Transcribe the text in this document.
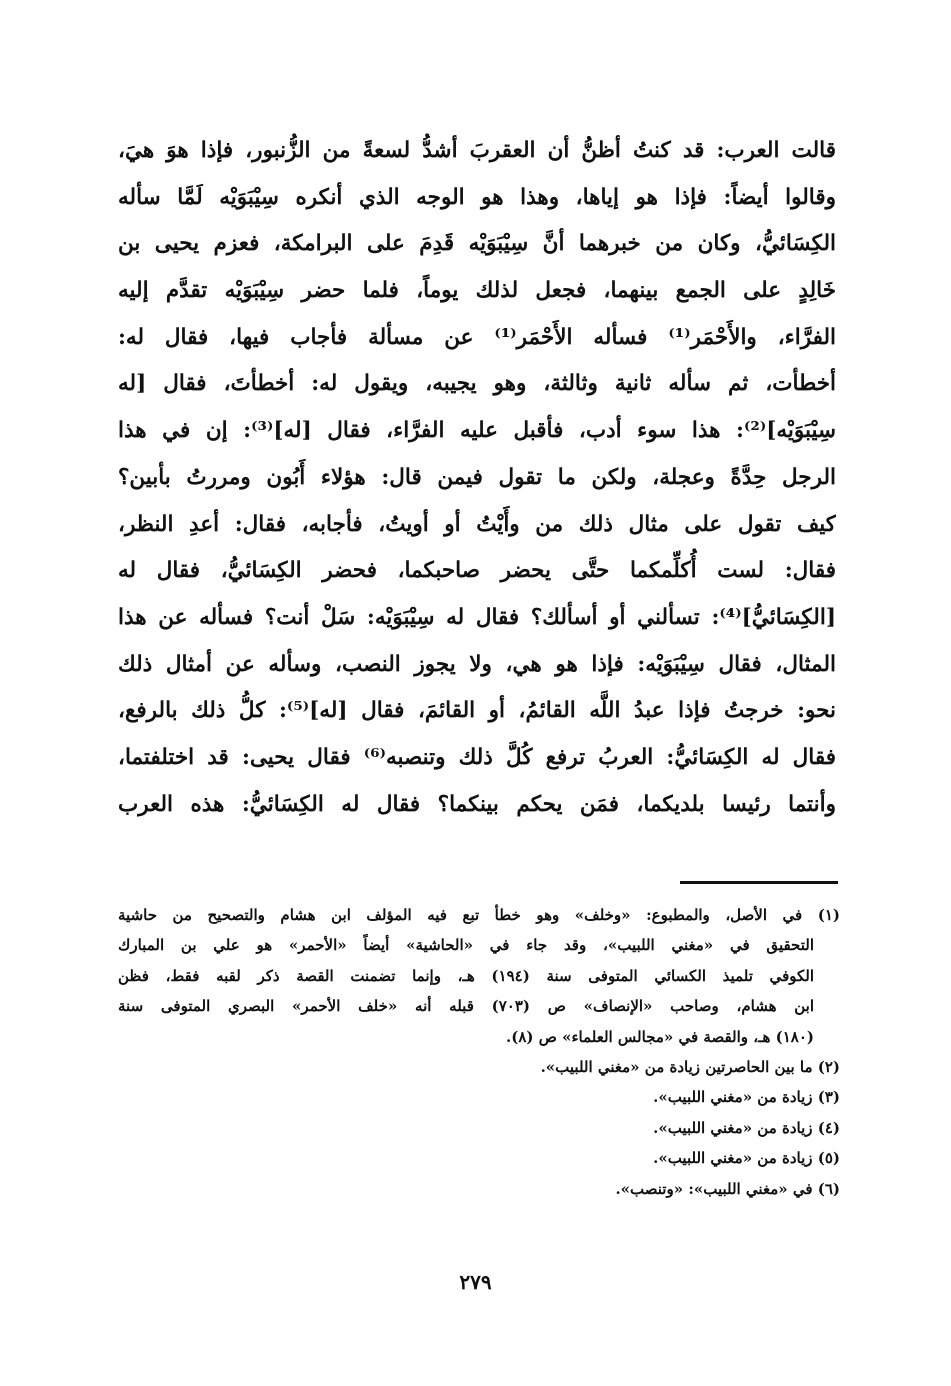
قالت العرب: قد كنتُ أظنُّ أن العقربَ أشدُّ لسعةً من الزُّنبور، فإذا هوَ هيَ،
وقالوا أيضاً: فإذا هو إياها، وهذا هو الوجه الذي أنكره سِيْبَوَيْه لَمَّا سأله
الكِسَائيُّ، وكان من خبرهما أنَّ سِيْبَوَيْه قَدِمَ على البرامكة، فعزم يحيى بن
خَالِدٍ على الجمع بينهما، فجعل لذلك يوماً، فلما حضر سِيْبَوَيْه تقدَّم إليه
الفرَّاء، والأَحْمَر⁽¹⁾ فسأله الأَحْمَر⁽¹⁾ عن مسألة فأجاب فيها، فقال له:
أخطأت، ثم سأله ثانية وثالثة، وهو يجيبه، ويقول له: أخطأتَ، فقال [له
سِيْبَوَيْه]⁽²⁾: هذا سوء أدب، فأقبل عليه الفرَّاء، فقال [له]⁽³⁾: إن في هذا
الرجل حِدَّةً وعجلة، ولكن ما تقول فيمن قال: هؤلاء أَبُون ومررتُ بأبين؟
كيف تقول على مثال ذلك من وأَيْتُ أو أويتُ، فأجابه، فقال: أعدِ النظر،
فقال: لست أُكلِّمكما حتَّى يحضر صاحبكما، فحضر الكِسَائيُّ، فقال له
[الكِسَائيُّ]⁽⁴⁾: تسألني أو أسألك؟ فقال له سِيْبَوَيْه: سَلْ أنت؟ فسأله عن هذا
المثال، فقال سِيْبَوَيْه: فإذا هو هي، ولا يجوز النصب، وسأله عن أمثال ذلك
نحو: خرجتُ فإذا عبدُ اللَّه القائمُ، أو القائمَ، فقال [له]⁽⁵⁾: كلُّ ذلك بالرفع،
فقال له الكِسَائيُّ: العربُ ترفع كُلَّ ذلك وتنصبه⁽⁶⁾ فقال يحيى: قد اختلفتما،
وأنتما رئيسا بلديكما، فمَن يحكم بينكما؟ فقال له الكِسَائيُّ: هذه العرب
(١) في الأصل، والمطبوع: «وخلف» وهو خطأ تبع فيه المؤلف ابن هشام والتصحيح من حاشية
التحقيق في «مغني اللبيب»، وقد جاء في «الحاشية» أيضاً «الأحمر» هو علي بن المبارك
الكوفي تلميذ الكسائي المتوفى سنة (١٩٤) هـ، وإنما تضمنت القصة ذكر لقبه فقط، فظن
ابن هشام، وصاحب «الإنصاف» ص (٧٠٣) قبله أنه «خلف الأحمر» البصري المتوفى سنة
(١٨٠) هـ، والقصة في «مجالس العلماء» ص (٨).
(٢) ما بين الحاصرتين زيادة من «مغني اللبيب».
(٣) زيادة من «مغني اللبيب».
(٤) زيادة من «مغني اللبيب».
(٥) زيادة من «مغني اللبيب».
(٦) في «مغني اللبيب»: «وتنصب».
٢٧٩
